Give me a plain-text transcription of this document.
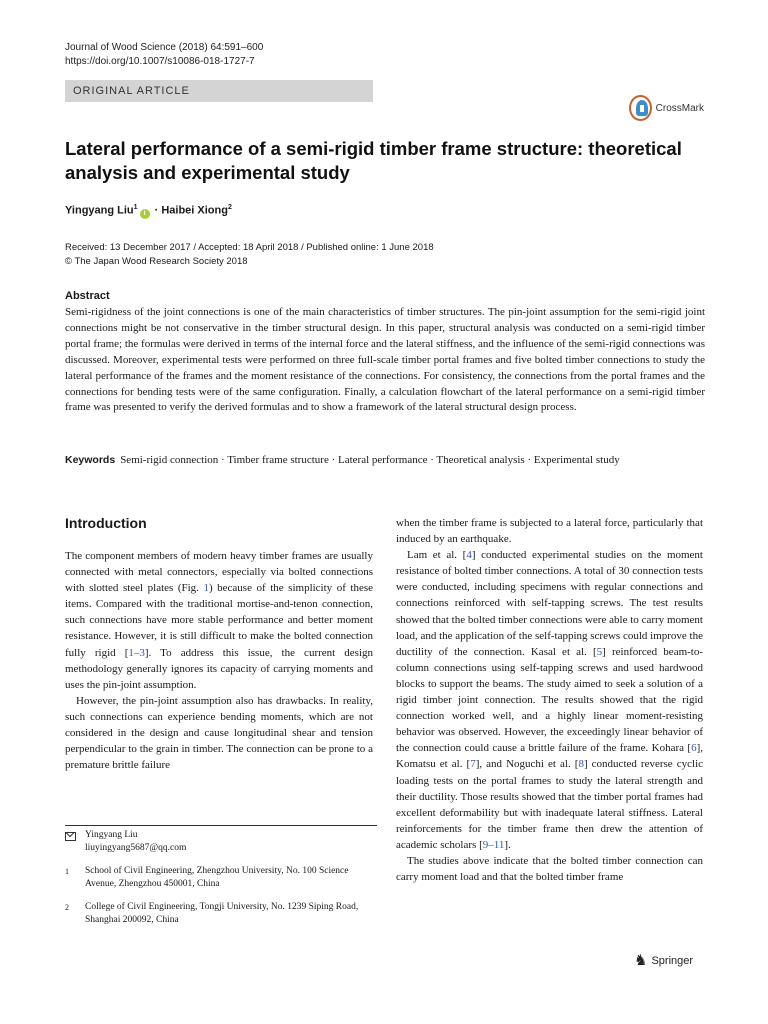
Journal of Wood Science (2018) 64:591–600
https://doi.org/10.1007/s10086-018-1727-7
ORIGINAL ARTICLE
CrossMark
Lateral performance of a semi-rigid timber frame structure: theoretical analysis and experimental study
Yingyang Liu$^1$i · Haibei Xiong$^2$
Received: 13 December 2017 / Accepted: 18 April 2018 / Published online: 1 June 2018
© The Japan Wood Research Society 2018
Abstract
Semi-rigidness of the joint connections is one of the main characteristics of timber structures. The pin-joint assumption for the semi-rigid joint connections might be not conservative in the timber structural design. In this paper, structural analysis was conducted on a semi-rigid timber portal frame; the formulas were derived in terms of the internal force and the lateral stiffness, and the influence of the semi-rigid connections was discussed. Moreover, experimental tests were performed on three full-scale timber portal frames and five bolted timber connections to study the lateral performance of the frames and the moment resistance of the connections. For consistency, the connections from the portal frames and the connections for bending tests were of the same configuration. Finally, a calculation flowchart of the lateral performance on a semi-rigid timber frame was presented to verify the derived formulas and to show a framework of the lateral structural design process.
Keywords Semi-rigid connection · Timber frame structure · Lateral performance · Theoretical analysis · Experimental study
Introduction

The component members of modern heavy timber frames are usually connected with metal connectors, especially via bolted connections with slotted steel plates (Fig. 1) because of the simplicity of these items. Compared with the traditional mortise-and-tenon connection, such connections have more stable performance and better moment resistance. However, it is still difficult to make the bolted connection fully rigid [1–3]. To address this issue, the current design methodology generally ignores its capacity of carrying moments and uses the pin-joint assumption.

However, the pin-joint assumption also has drawbacks. In reality, such connections can experience bending moments, which are not considered in the design and cause longitudinal shear and tension perpendicular to the grain in timber. The connection can be prone to a premature brittle failure

when the timber frame is subjected to a lateral force, particularly that induced by an earthquake.

Lam et al. [4] conducted experimental studies on the moment resistance of bolted timber connections. A total of 30 connection tests were conducted, including specimens with regular connections and connections reinforced with self-tapping screws. The test results showed that the bolted timber connections were able to carry moment load, and the application of the self-tapping screws could improve the ductility of the connection. Kasal et al. [5] reinforced beam-to-column connections using self-tapping screws and used hardwood blocks to support the beams. The study aimed to seek a solution of a rigid timber joint connection. The results showed that the rigid connection worked well, and a highly linear moment-resisting behavior was observed. However, the exceedingly linear behavior of the connection could cause a brittle failure of the frame. Kohara [6], Komatsu et al. [7], and Noguchi et al. [8] conducted reverse cyclic loading tests on the portal frames to study the lateral strength and their ductility. Those results showed that the timber portal frames had excellent deformability but with inadequate lateral stiffness. Lateral reinforcements for the timber frame then drew the attention of academic scholars [9–11].

The studies above indicate that the bolted timber connection can carry moment load and that the bolted timber frame

Yingyang Liu
liuyingyang5687@qq.com
1	School of Civil Engineering, Zhengzhou University, No. 100 Science Avenue, Zhengzhou 450001, China
2	College of Civil Engineering, Tongji University, No. 1239 Siping Road, Shanghai 200092, China
♞ Springer
